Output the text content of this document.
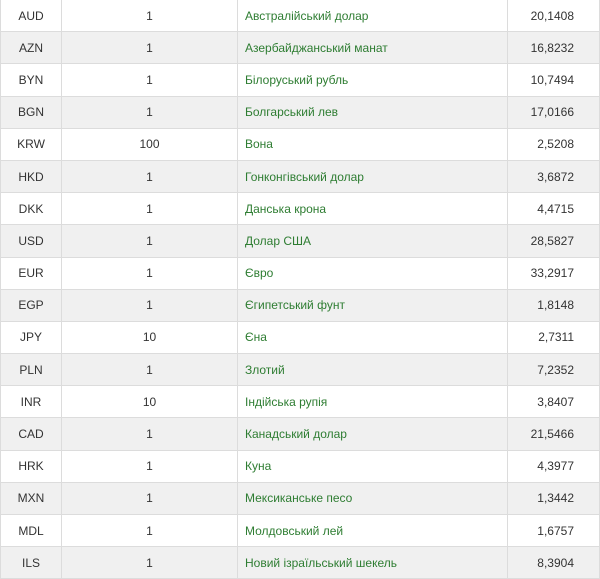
AUD	1	Австралійський долар	20,1408
AZN	1	Азербайджанський манат	16,8232
BYN	1	Білоруський рубль	10,7494
BGN	1	Болгарський лев	17,0166
KRW	100	Вона	2,5208
HKD	1	Гонконгівський долар	3,6872
DKK	1	Данська крона	4,4715
USD	1	Долар США	28,5827
EUR	1	Євро	33,2917
EGP	1	Єгипетський фунт	1,8148
JPY	10	Єна	2,7311
PLN	1	Злотий	7,2352
INR	10	Індійська рупія	3,8407
CAD	1	Канадський долар	21,5466
HRK	1	Куна	4,3977
MXN	1	Мексиканське песо	1,3442
MDL	1	Молдовський лей	1,6757
ILS	1	Новий ізраїльський шекель	8,3904
